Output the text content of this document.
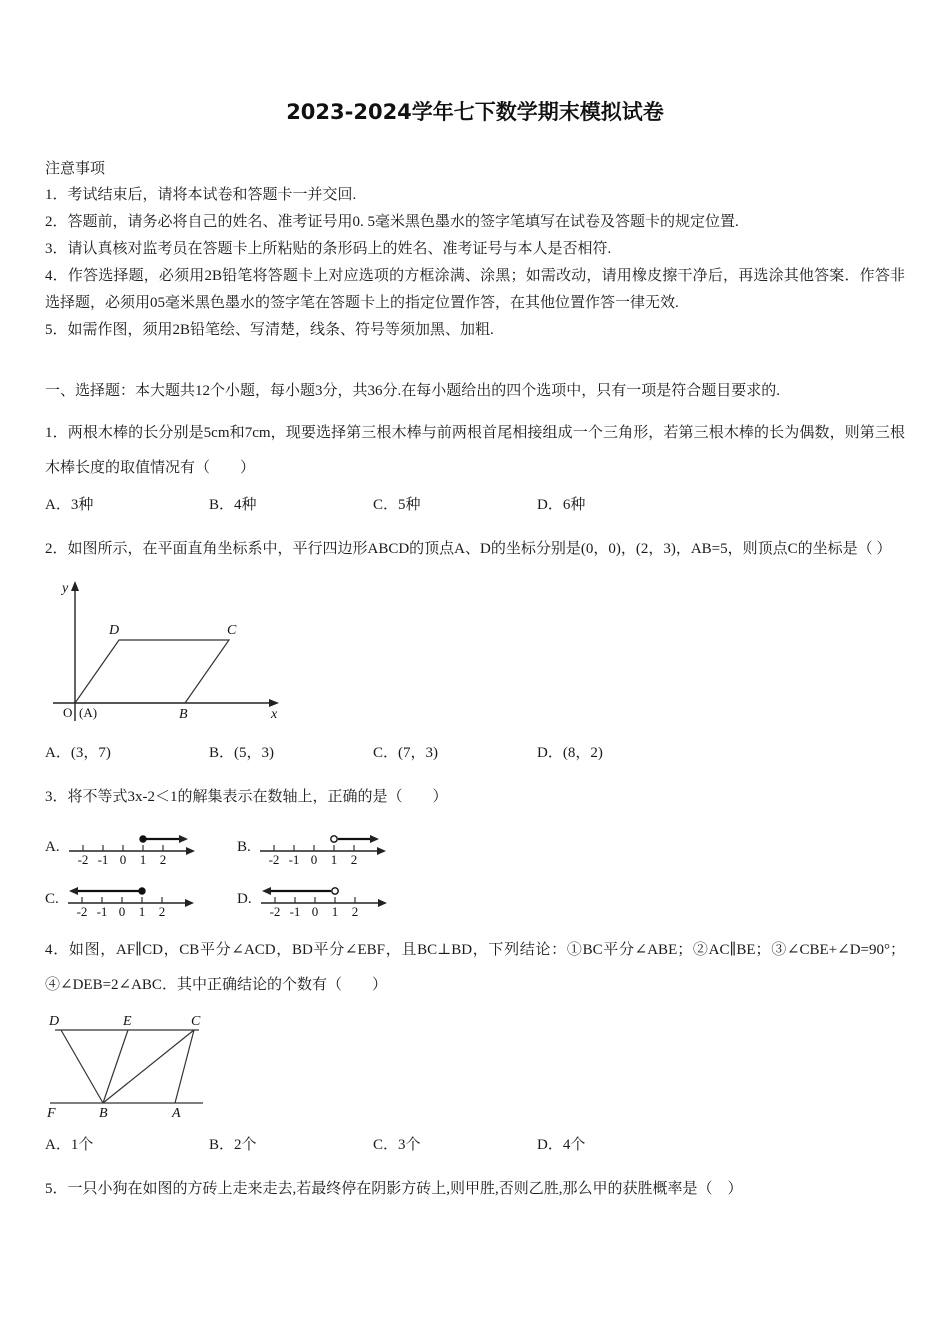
2023-2024学年七下数学期末模拟试卷
注意事项

1．考试结束后，请将本试卷和答题卡一并交回.

2．答题前，请务必将自己的姓名、准考证号用0. 5毫米黑色墨水的签字笔填写在试卷及答题卡的规定位置.

3．请认真核对监考员在答题卡上所粘贴的条形码上的姓名、准考证号与本人是否相符.

4．作答选择题，必须用2B铅笔将答题卡上对应选项的方框涂满、涂黑；如需改动，请用橡皮擦干净后，再选涂其他答案．作答非选择题，必须用05毫米黑色墨水的签字笔在答题卡上的指定位置作答，在其他位置作答一律无效.

5．如需作图，须用2B铅笔绘、写清楚，线条、符号等须加黑、加粗.

一、选择题：本大题共12个小题，每小题3分，共36分.在每小题给出的四个选项中，只有一项是符合题目要求的.

1．两根木棒的长分别是5cm和7cm，现要选择第三根木棒与前两根首尾相接组成一个三角形，若第三根木棒的长为偶数，则第三根木棒长度的取值情况有（　　）

A．3种	B．4种	C．5种	D．6种

2．如图所示，在平面直角坐标系中，平行四边形ABCD的顶点A、D的坐标分别是(0，0)，(2，3)，AB=5，则顶点C的坐标是（ ）

y
x
O (A)
D	C
B
A．(3，7)	B．(5，3)	C．(7，3)	D．(8，2)

3．将不等式3x-2＜1的解集表示在数轴上，正确的是（　　）

A.
-2 -1 0 1 2
B.
-2 -1 0 1 2
C.
-2 -1 0 1 2
D.
-2 -1 0 1 2

4．如图，AF∥CD，CB平分∠ACD，BD平分∠EBF，且BC⊥BD，下列结论：①BC平分∠ABE；②AC∥BE；③∠CBE+∠D=90°；④∠DEB=2∠ABC．其中正确结论的个数有（　　）

D	E	C
F	B	A
A．1个	B．2个	C．3个	D．4个

5．一只小狗在如图的方砖上走来走去,若最终停在阴影方砖上,则甲胜,否则乙胜,那么甲的获胜概率是（　）
